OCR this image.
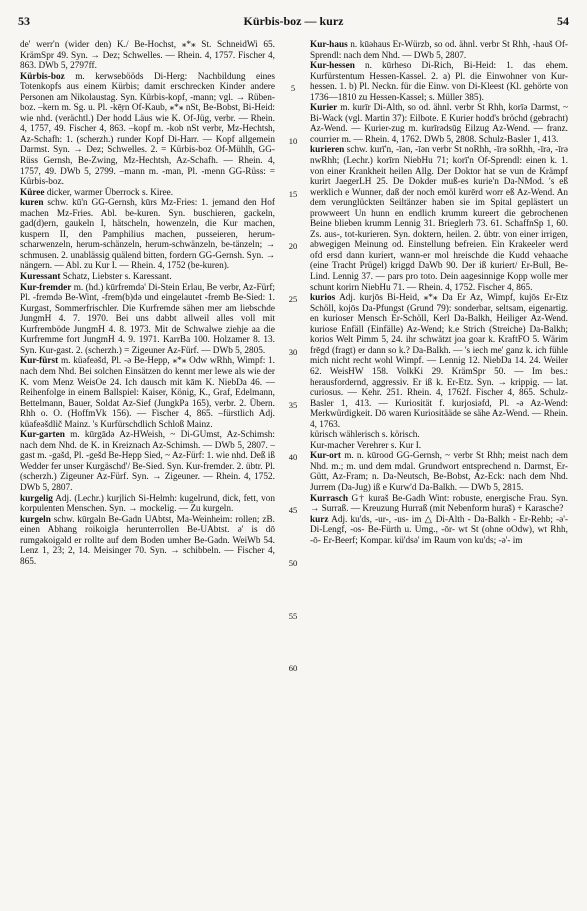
53	Kürbis-boz — kurz	54

de' werr'n (wider den) K./ Be-Hochst, ⁎*⁎ St. SchneidWi 65. KrämSpr 49. Syn. → Dez; Schwelles. — Rhein. 4, 1757. Fischer 4, 863. DWb 5, 2797ff.

Kürbis-boz m. kerwsebööds Di-Herg: Nachbildung eines Totenkopfs aus einem Kürbis; damit erschrecken Kinder andere Personen am Nikolaustag. Syn. Kürbis-kopf, -mann; vgl. → Rüben-boz. –kern m. Sg. u. Pl. -kē̤rn Of-Kaub, ⁎*⁎ nSt, Be-Bobst, Bi-Heid: wie nhd. (verächtl.) Der hodd Läus wie K. Of-Jüg, verbr. — Rhein. 4, 1757, 49. Fischer 4, 863. –kopf m. -kob nSt verbr, Mz-Hechtsh, Az-Schafh: 1. (scherzh.) runder Kopf Di-Harr. — Kopf allgemein Darmst. Syn. → Dez; Schwelles. 2. = Kürbis-boz Of-Mühlh, GG-Rüss Gernsh, Be-Zwing, Mz-Hechtsh, Az-Schafh. — Rhein. 4, 1757, 49. DWb 5, 2799. –mann m. -man, Pl. -menn GG-Rüss: = Kürbis-boz.

Küree dicker, warmer Überrock s. Kiree.

kuren schw. kū'n GG-Gernsh, kūrs Mz-Fries: 1. jemand den Hof machen Mz-Fries. Abl. be-kuren. Syn. buschieren, gackeln, gad(d)ern, gaukeln I, hätscheln, howenzeln, die Kur machen, kuspern II, den Pamphilius machen, pusseieren, herum-scharwenzeln, herum-schänzeln, herum-schwänzeln, be-tänzeln; → schmusen. 2. unablässig quälend bitten, fordern GG-Gernsh. Syn. → nängern. — Abl. zu Kur I. — Rhein. 4, 1752 (be-kuren).

Kuressant Schatz, Liebster s. Karessant.

Kur-fremder m. (hd.) kūrfremdə' Di-Stein Erlau, Be verbr, Az-Fürf; Pl. -fremdə Be-Wint, -frem(b)də und eingelautet -fremb Be-Sied: 1. Kurgast, Sommerfrischler. Die Kurfremde sähen mer am liebschde JungmH 4. 7. 1970. Bei uns dabbt allweil alles voll mit Kurfremböde JungmH 4. 8. 1973. Mit de Schwalwe ziehje aa die Kurfremme fort JungmH 4. 9. 1971. KarrBa 100. Holzamer 8. 13. Syn. Kur-gast. 2. (scherzh.) = Zigeuner Az-Fürf. — DWb 5, 2805.

Kur-fürst m. küəfeəšd, Pl. -ə Be-Hepp, ⁎*⁎ Odw wRhh, Wimpf: 1. nach dem Nhd. Bei solchen Einsätzen do kennt mer lewe als wie der K. vom Menz WeisOe 24. Ich dausch mit kām K. NiebDa 46. — Reihenfolge in einem Ballspiel: Kaiser, König, K., Graf, Edelmann, Bettelmann, Bauer, Soldat Az-Sief (JungkPa 165), verbr. 2. Übern. Rhh o. O. (HoffmVk 156). — Fischer 4, 865. –fürstlich Adj. küafeəšdlič Mainz. 's Kurfürschdlich Schloß Mainz.

Kur-garten m. kūrgādə Az-HWeish, ~ Di-GUmst, Az-Schimsh: nach dem Nhd. de K. in Kreiznach Az-Schimsh. — DWb 5, 2807. –gast m. -gašd, Pl. -gešd Be-Hepp Sied, ~ Az-Fürf: 1. wie nhd. Deß iß Wedder fer unser Kurgäschd'/ Be-Sied. Syn. Kur-fremder. 2. übtr. Pl. (scherzh.) Zigeuner Az-Fürf. Syn. → Zigeuner. — Rhein. 4, 1752. DWb 5, 2807.

kurgelig Adj. (Lechr.) kurjlich Si-Helmh: kugelrund, dick, fett, von korpulenten Menschen. Syn. → mockelig. — Zu kurgeln.

kurgeln schw. kūrgəln Be-Gadn UAbtst, Ma-Weinheim: rollen; zB. einen Abhang roikoiglə herunterrollen Be-UAbtst. ə' is dō rumgəkoigəld er rollte auf dem Boden umher Be-Gadn. WeiWb 54. Lenz 1, 23; 2, 14. Meisinger 70. Syn. → schibbeln. — Fischer 4, 865.

5
10
15
20
25
30
35
40
45
50
55
60

Kur-haus n. kūəhaus Er-Würzb, so od. ähnl. verbr St Rhh, -hauš Of-Sprendl: nach dem Nhd. — DWb 5, 2807.

Kur-hessen n. kūrheso Di-Rich, Bi-Heid: 1. das ehem. Kurfürstentum Hessen-Kassel. 2. a) Pl. die Einwohner von Kur-hessen. 1. b) Pl. Neckn. für die Einw. von Di-Kleest (Kl. gehörte von 1736—1810 zu Hessen-Kassel; s. Müller 385).

Kurier m. kurīr Di-Alth, so od. ähnl. verbr St Rhh, korīə Darmst, ~ Bi-Wack (vgl. Martin 37): Eilbote. E Kurier hodd's bröchd (gebracht) Az-Wend. — Kurier-zug m. kurīrədsūg Eilzug Az-Wend. — franz. courrier m. — Rhein. 4, 1762. DWb 5, 2808. Schulz-Basler 1, 413.

kurieren schw. kurī'n, -īən, -īən verbr St noRhh, -īrə soRhh, -īrə, -īrə nwRhh; (Lechr.) korīrn NiebHu 71; korī'n Of-Sprendl: einen k. 1. von einer Krankheit heilen Allg. Der Doktor hat se vun de Krämpf kurirt JaegerLH 25. De Dokder muß-es kurie'n Da-NMod. 's eß werklich e Wunner, daß der noch emöl kurērd worr eß Az-Wend. An dem verunglückten Seiltänzer haben sie im Spital geplästert un prowweert Un hunn en endlich krumm kureert die gebrochenen Beine blieben krumm Lennig 31. Brieglerh 73. 61. SchaffnSp 1, 60. Zs. aus-, tot-kurieren. Syn. doktern, heilen. 2. übtr. von einer irrigen, abwegigen Meinung od. Einstellung befreien. Ein Krakeeler werd ofd ersd dann kuriert, wann-er mol hreischde die Kudd vehaache (eine Tracht Prügel) kriggd DaWb 90. Der iß kuriert/ Er-Bull, Be-Lind. Lennig 37. — pars pro toto. Dein aagesinnige Kopp wolle mer schunt korirn NiebHu 71. — Rhein. 4, 1752. Fischer 4, 865.

kurios Adj. kurjōs Bi-Heid, ⁎*⁎ Da Er Az, Wimpf, kujōs Er-Etz Schöll, kojōs Da-Pfungst (Grund 79): sonderbar, seltsam, eigenartig. en kurioser Mensch Er-Schöll, Kerl Da-Balkh, Heiliger Az-Wend. kuriose Enfäll (Einfälle) Az-Wend; k.e Strich (Streiche) Da-Balkh; korios Welt Pimm 5, 24. ihr schwätzt joa goar k. KraftFO 5. Wärim frēgd (fragt) er dann so k.? Da-Balkh. — 's iech me' ganz k. ich fühle mich nicht recht wohl Wimpf. — Lennig 12. NiebDa 14. 24. Weiler 62. WeisHW 158. VolkKi 29. KrämSpr 50. — Im bes.: herausfordernd, aggressiv. Er iß k. Er-Etz. Syn. → krippig. — lat. curiosus. — Kehr. 251. Rhein. 4, 1762f. Fischer 4, 865. Schulz-Basler 1, 413. — Kuriosität f. kurjosiəfd, Pl. -ə Az-Wend: Merkwürdigkeit. Dō waren Kuriositääde se sähe Az-Wend. — Rhein. 4, 1763.

kürisch wählerisch s. körisch.

Kur-macher Verehrer s. Kur I.

Kur-ort m. n. kūrood GG-Gernsh, ~ verbr St Rhh; meist nach dem Nhd. m.; m. und dem mdal. Grundwort entsprechend n. Darmst, Er-Gütt, Az-Fram; n. Da-Neutsch, Be-Bobst, Az-Eck: nach dem Nhd. Jurrem (Da-Jug) iß e Kurw'd Da-Balkh. — DWb 5, 2815.

Kurrasch G† kuraš Be-Gadh Wint: robuste, energische Frau. Syn. → Surraß. — Kreuzung Hurraß (mit Nebenform huraš) + Karasche?

kurz Adj. ku'ds, -ur-, -us- im △ Di-Alth - Da-Balkh - Er-Rehb; -ə'- Di-Lengf, -os- Be-Fürth u. Umg., -ōr- wt St (ohne oOdw), wt Rhh, -ō- Er-Beerf; Kompar. kü'dsə' im Raum von ku'ds; -ə'- im
